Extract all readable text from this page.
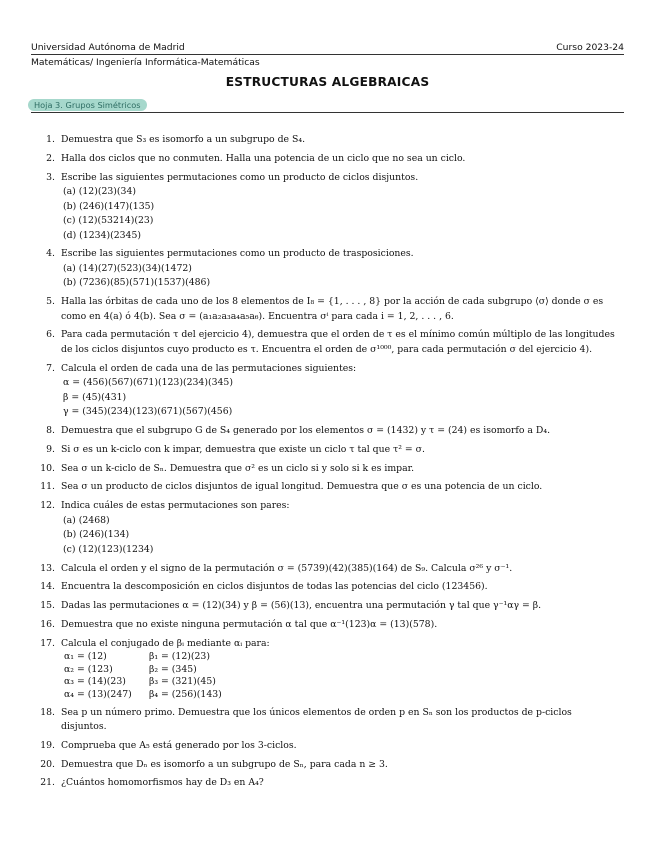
Universidad Autónoma de Madrid	Curso 2023-24
Matemáticas/ Ingeniería Informática-Matemáticas
ESTRUCTURAS ALGEBRAICAS
Hoja 3. Grupos Simétricos
1. Demuestra que S₃ es isomorfo a un subgrupo de S₄.
2. Halla dos ciclos que no conmuten. Halla una potencia de un ciclo que no sea un ciclo.
3. Escribe las siguientes permutaciones como un producto de ciclos disjuntos.
(a) (12)(23)(34)
(b) (246)(147)(135)
(c) (12)(53214)(23)
(d) (1234)(2345)
4. Escribe las siguientes permutaciones como un producto de trasposiciones.
(a) (14)(27)(523)(34)(1472)
(b) (7236)(85)(571)(1537)(486)
5. Halla las órbitas de cada uno de los 8 elementos de I₈ = {1, . . . , 8} por la acción de cada subgrupo ⟨σ⟩ donde σ es como en 4(a) ó 4(b). Sea σ = (a₁a₂a₃a₄a₅a₆). Encuentra σⁱ para cada i = 1, 2, . . . , 6.
6. Para cada permutación τ del ejercicio 4), demuestra que el orden de τ es el mínimo común múltiplo de las longitudes de los ciclos disjuntos cuyo producto es τ. Encuentra el orden de σ¹⁰⁰⁰, para cada permutación σ del ejercicio 4).
7. Calcula el orden de cada una de las permutaciones siguientes:
α = (456)(567)(671)(123)(234)(345)
β = (45)(431)
γ = (345)(234)(123)(671)(567)(456)
8. Demuestra que el subgrupo G de S₄ generado por los elementos σ = (1432) y τ = (24) es isomorfo a D₄.
9. Si σ es un k-ciclo con k impar, demuestra que existe un ciclo τ tal que τ² = σ.
10. Sea σ un k-ciclo de Sₙ. Demuestra que σ² es un ciclo si y solo si k es impar.
11. Sea σ un producto de ciclos disjuntos de igual longitud. Demuestra que σ es una potencia de un ciclo.
12. Indica cuáles de estas permutaciones son pares:
(a) (2468)
(b) (246)(134)
(c) (12)(123)(1234)
13. Calcula el orden y el signo de la permutación σ = (5739)(42)(385)(164) de S₉. Calcula σ²⁶ y σ⁻¹.
14. Encuentra la descomposición en ciclos disjuntos de todas las potencias del ciclo (123456).
15. Dadas las permutaciones α = (12)(34) y β = (56)(13), encuentra una permutación γ tal que γ⁻¹αγ = β.
16. Demuestra que no existe ninguna permutación α tal que α⁻¹(123)α = (13)(578).
17. Calcula el conjugado de βᵢ mediante αᵢ para:
α₁ = (12)	β₁ = (12)(23)
α₂ = (123)	β₂ = (345)
α₃ = (14)(23)	β₃ = (321)(45)
α₄ = (13)(247)	β₄ = (256)(143)
18. Sea p un número primo. Demuestra que los únicos elementos de orden p en Sₙ son los productos de p-ciclos disjuntos.
19. Comprueba que A₅ está generado por los 3-ciclos.
20. Demuestra que Dₙ es isomorfo a un subgrupo de Sₙ, para cada n ≥ 3.
21. ¿Cuántos homomorfismos hay de D₃ en A₄?
